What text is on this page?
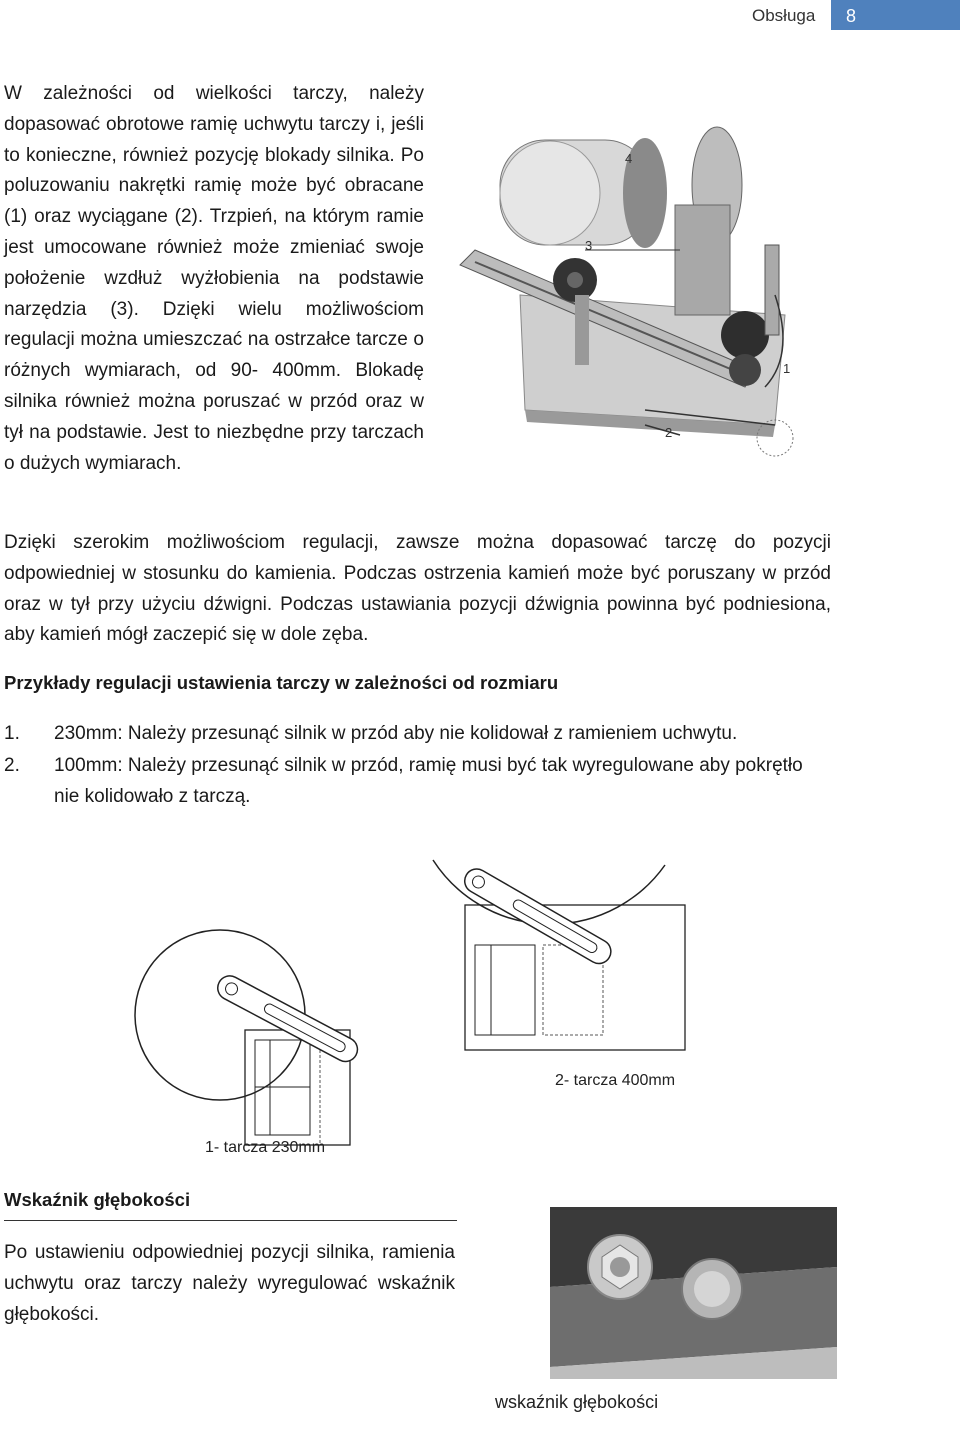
Obsługa	8

W zależności od wielkości tarczy, należy dopasować obrotowe ramię uchwytu tarczy i, jeśli to konieczne, również pozycję blokady silnika. Po poluzowaniu nakrętki ramię może być obracane (1) oraz wyciągane (2). Trzpień, na którym ramie jest umocowane również może zmieniać swoje położenie wzdłuż wyżłobienia na podstawie narzędzia (3). Dzięki wielu możliwościom regulacji można umieszczać na ostrzałce tarcze o różnych wymiarach, od 90- 400mm. Blokadę silnika również można poruszać w przód oraz w tył na podstawie. Jest to niezbędne przy tarczach o dużych wymiarach.

4
3
1
2

Dzięki szerokim możliwościom regulacji, zawsze można dopasować tarczę do pozycji odpowiedniej w stosunku do kamienia. Podczas ostrzenia kamień może być poruszany w przód oraz w tył przy użyciu dźwigni. Podczas ustawiania pozycji dźwignia powinna być podniesiona, aby kamień mógł zaczepić się w dole zęba.

Przykłady regulacji ustawienia tarczy w zależności od rozmiaru
1.	230mm: Należy przesunąć silnik w przód aby nie kolidował z ramieniem uchwytu.
2.	100mm: Należy przesunąć silnik w przód, ramię musi być tak wyregulowane aby pokrętło nie kolidowało z tarczą.
1- tarcza 230mm
2- tarcza 400mm
Wskaźnik głębokości

Po ustawieniu odpowiedniej pozycji silnika, ramienia uchwytu oraz tarczy należy wyregulować wskaźnik głębokości.

wskaźnik głębokości
